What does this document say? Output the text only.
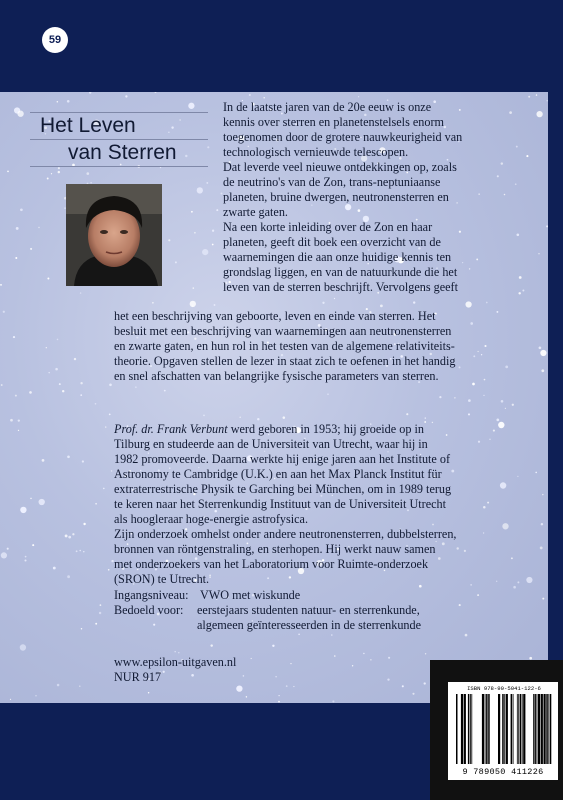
59

Het Leven

van Sterren

In de laatste jaren van de 20e eeuw is onze
kennis over sterren en planetenstelsels enorm
toegenomen door de grotere nauwkeurigheid van
technologisch vernieuwde telescopen.
Dat leverde veel nieuwe ontdekkingen op, zoals
de neutrino's van de Zon, trans-neptuniaanse
planeten, bruine dwergen, neutronensterren en
zwarte gaten.
Na een korte inleiding over de Zon en haar
planeten, geeft dit boek een overzicht van de
waarnemingen die aan onze huidige kennis ten
grondslag liggen, en van de natuurkunde die het
leven van de sterren beschrijft. Vervolgens geeft

het een beschrijving van geboorte, leven en einde van sterren. Het
besluit met een beschrijving van waarnemingen aan neutronensterren
en zwarte gaten, en hun rol in het testen van de algemene relativiteits-
theorie. Opgaven stellen de lezer in staat zich te oefenen in het handig
en snel afschatten van belangrijke fysische parameters van sterren.

Prof. dr. Frank Verbunt werd geboren in 1953; hij groeide op in
Tilburg en studeerde aan de Universiteit van Utrecht, waar hij in
1982 promoveerde. Daarna werkte hij enige jaren aan het Institute of
Astronomy te Cambridge (U.K.) en aan het Max Planck Institut für
extraterrestrische Physik te Garching bei München, om in 1989 terug
te keren naar het Sterrenkundig Instituut van de Universiteit Utrecht
als hoogleraar hoge-energie astrofysica.
Zijn onderzoek omhelst onder andere neutronensterren, dubbelsterren,
bronnen van röntgenstraling, en sterhopen. Hij werkt nauw samen
met onderzoekers van het Laboratorium voor Ruimte-onderzoek
(SRON) te Utrecht.

Ingangsniveau: VWO met wiskunde
Bedoeld voor:	eerstejaars studenten natuur- en sterrenkunde,
algemeen geïnteresseerden in de sterrenkunde
www.epsilon-uitgaven.nl
NUR 917
ISBN 978-90-5041-122-6
9 789050 411226
